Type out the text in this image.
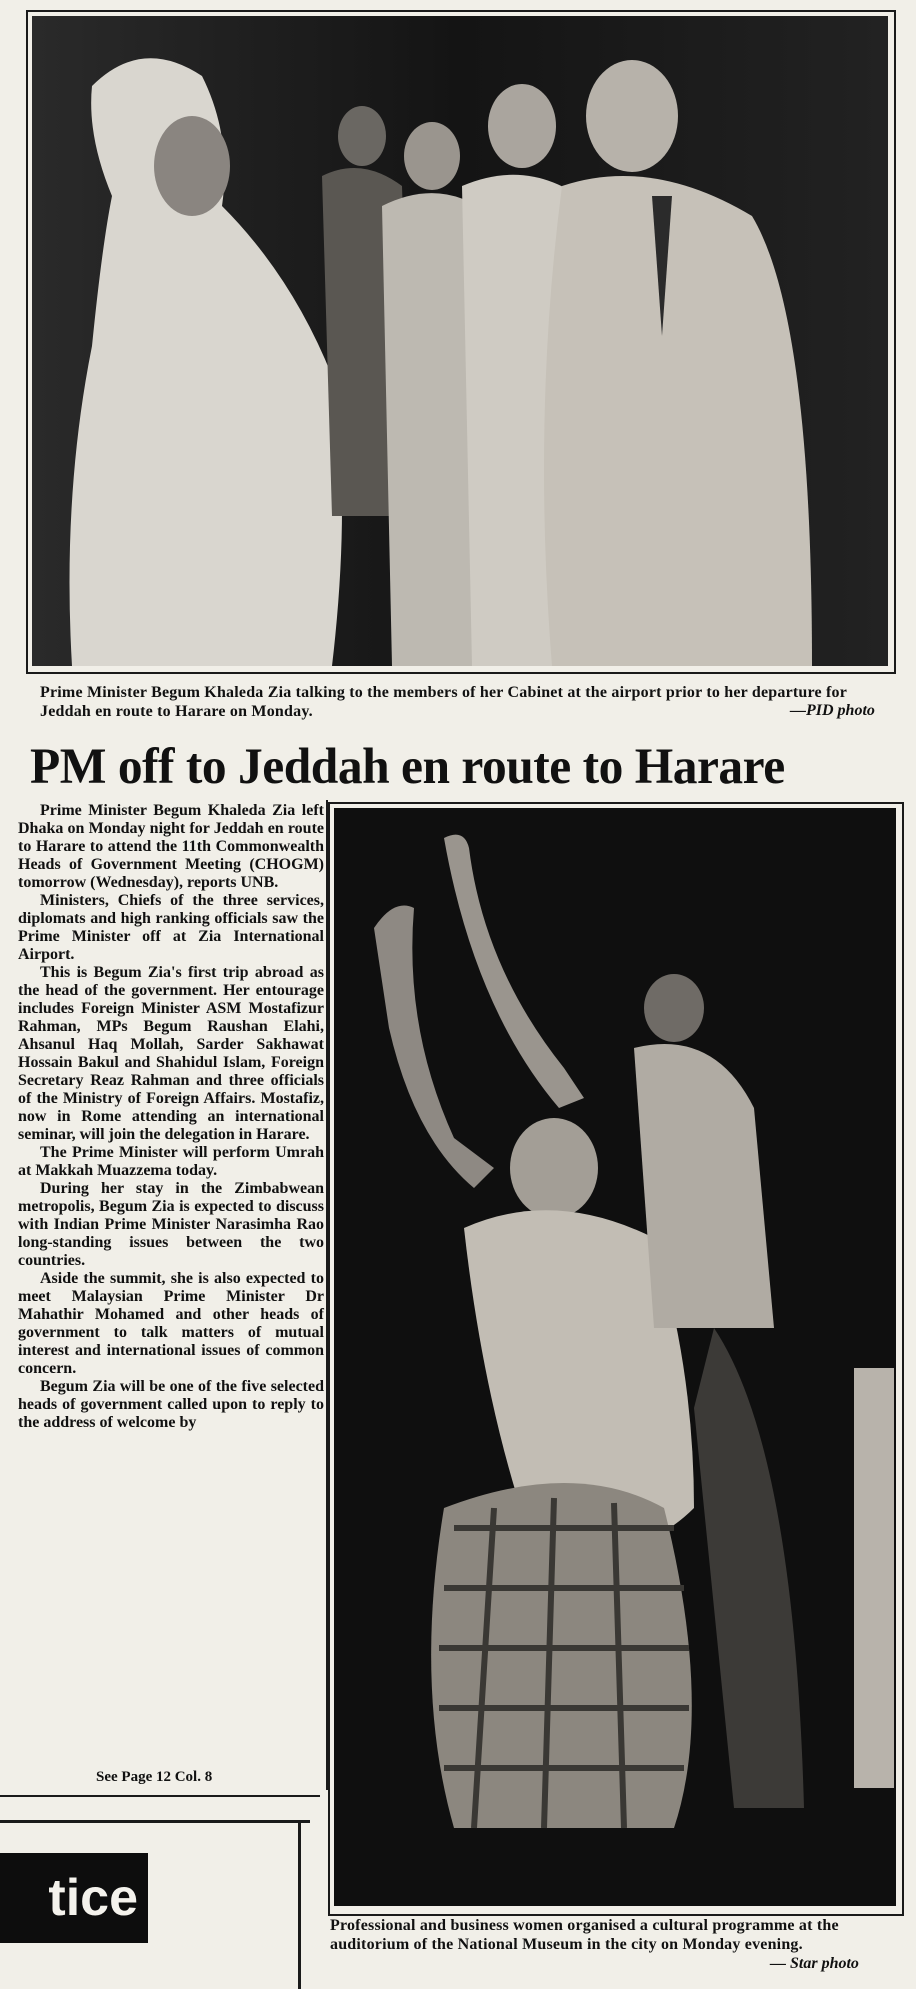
Prime Minister Begum Khaleda Zia talking to the members of her Cabinet at the airport prior to her departure for Jeddah en route to Harare on Monday.	—PID photo
PM off to Jeddah en route to Harare

Prime Minister Begum Khaleda Zia left Dhaka on Monday night for Jeddah en route to Harare to attend the 11th Commonwealth Heads of Government Meeting (CHOGM) tomorrow (Wednesday), reports UNB.

Ministers, Chiefs of the three services, diplomats and high ranking officials saw the Prime Minister off at Zia International Airport.

This is Begum Zia's first trip abroad as the head of the government. Her entourage includes Foreign Minister ASM Mostafizur Rahman, MPs Begum Raushan Elahi, Ahsanul Haq Mollah, Sarder Sakhawat Hossain Bakul and Shahidul Islam, Foreign Secretary Reaz Rahman and three officials of the Ministry of Foreign Affairs. Mostafiz, now in Rome attending an international seminar, will join the delegation in Harare.

The Prime Minister will perform Umrah at Makkah Muazzema today.

During her stay in the Zimbabwean metropolis, Begum Zia is expected to discuss with Indian Prime Minister Narasimha Rao long-standing issues between the two countries.

Aside the summit, she is also expected to meet Malaysian Prime Minister Dr Mahathir Mohamed and other heads of government to talk matters of mutual interest and international issues of common concern.

Begum Zia will be one of the five selected heads of government called upon to reply to the address of welcome by

See Page 12 Col. 8
Professional and business women organised a cultural programme at the auditorium of the National Museum in the city on Monday evening.
— Star photo
tice
